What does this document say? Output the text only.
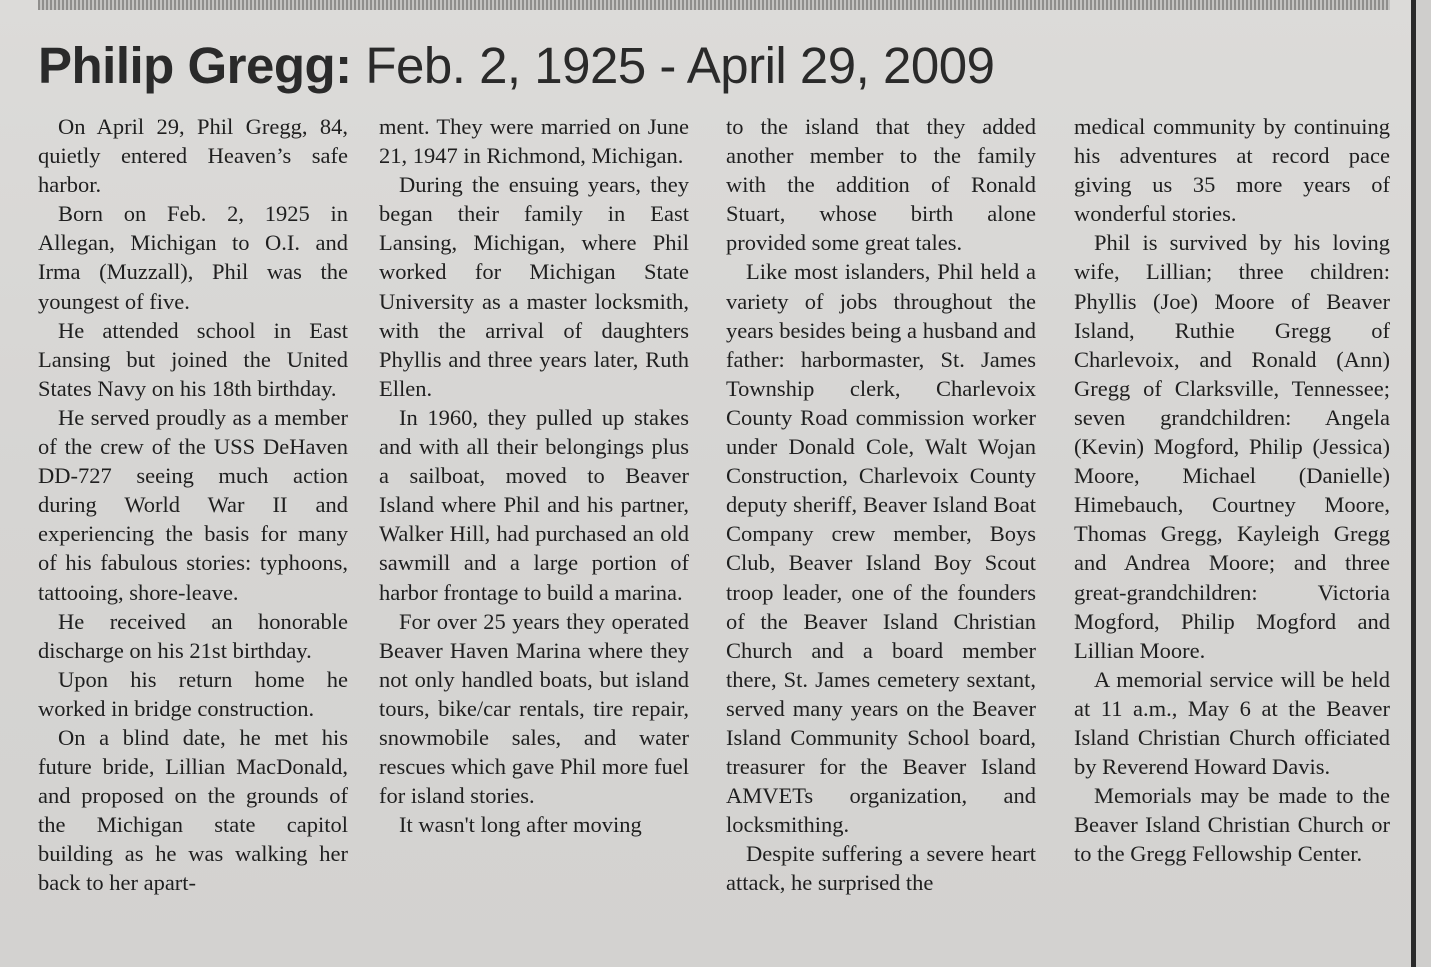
Philip Gregg: Feb. 2, 1925 - April 29, 2009

On April 29, Phil Gregg, 84, quietly entered Heaven’s safe harbor.

Born on Feb. 2, 1925 in Allegan, Michigan to O.I. and Irma (Muzzall), Phil was the youngest of five.

He attended school in East Lansing but joined the United States Navy on his 18th birthday.

He served proudly as a member of the crew of the USS DeHaven DD-727 seeing much action during World War II and experiencing the basis for many of his fabulous stories: typhoons, tattooing, shore-leave.

He received an honorable discharge on his 21st birthday.

Upon his return home he worked in bridge construction.

On a blind date, he met his future bride, Lillian MacDonald, and proposed on the grounds of the Michigan state capitol building as he was walking her back to her apart-

ment. They were married on June 21, 1947 in Richmond, Michigan.

During the ensuing years, they began their family in East Lansing, Michigan, where Phil worked for Michigan State University as a master locksmith, with the arrival of daughters Phyllis and three years later, Ruth Ellen.

In 1960, they pulled up stakes and with all their belongings plus a sailboat, moved to Beaver Island where Phil and his partner, Walker Hill, had purchased an old sawmill and a large portion of harbor frontage to build a marina.

For over 25 years they operated Beaver Haven Marina where they not only handled boats, but island tours, bike/car rentals, tire repair, snowmobile sales, and water rescues which gave Phil more fuel for island stories.

It wasn't long after moving

to the island that they added another member to the family with the addition of Ronald Stuart, whose birth alone provided some great tales.

Like most islanders, Phil held a variety of jobs throughout the years besides being a husband and father: harbormaster, St. James Township clerk, Charlevoix County Road commission worker under Donald Cole, Walt Wojan Construction, Charlevoix County deputy sheriff, Beaver Island Boat Company crew member, Boys Club, Beaver Island Boy Scout troop leader, one of the founders of the Beaver Island Christian Church and a board member there, St. James cemetery sextant, served many years on the Beaver Island Community School board, treasurer for the Beaver Island AMVETs organization, and locksmithing.

Despite suffering a severe heart attack, he surprised the

medical community by continuing his adventures at record pace giving us 35 more years of wonderful stories.

Phil is survived by his loving wife, Lillian; three children: Phyllis (Joe) Moore of Beaver Island, Ruthie Gregg of Charlevoix, and Ronald (Ann) Gregg of Clarksville, Tennessee; seven grandchildren: Angela (Kevin) Mogford, Philip (Jessica) Moore, Michael (Danielle) Himebauch, Courtney Moore, Thomas Gregg, Kayleigh Gregg and Andrea Moore; and three great-grandchildren: Victoria Mogford, Philip Mogford and Lillian Moore.

A memorial service will be held at 11 a.m., May 6 at the Beaver Island Christian Church officiated by Reverend Howard Davis.

Memorials may be made to the Beaver Island Christian Church or to the Gregg Fellowship Center.
